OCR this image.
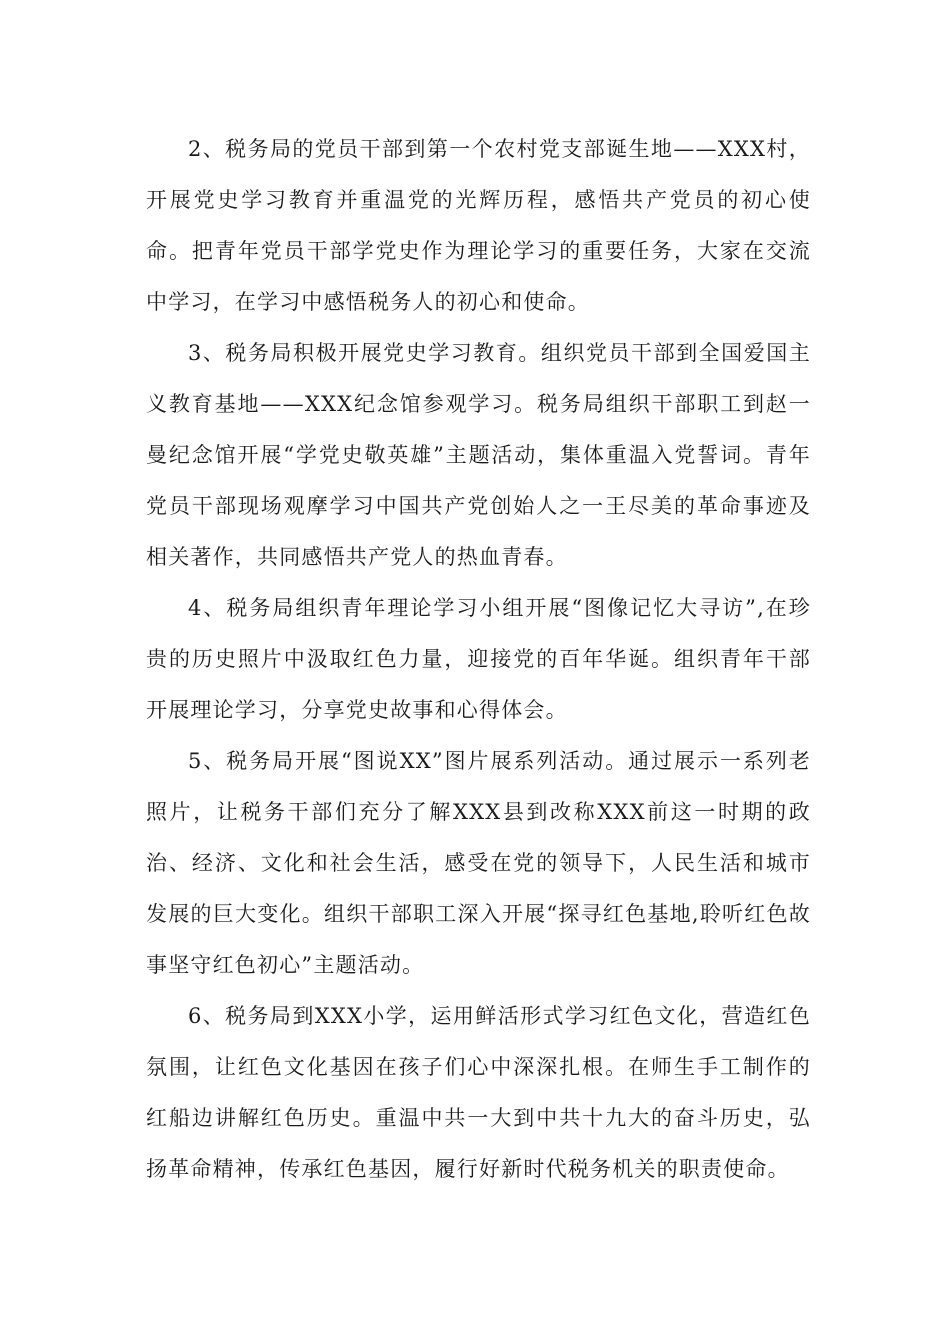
2、税务局的党员干部到第一个农村党支部诞生地——XXX村，开展党史学习教育并重温党的光辉历程，感悟共产党员的初心使命。把青年党员干部学党史作为理论学习的重要任务，大家在交流中学习，在学习中感悟税务人的初心和使命。

3、税务局积极开展党史学习教育。组织党员干部到全国爱国主义教育基地——XXX纪念馆参观学习。税务局组织干部职工到赵一曼纪念馆开展“学党史敬英雄”主题活动，集体重温入党誓词。青年党员干部现场观摩学习中国共产党创始人之一王尽美的革命事迹及相关著作，共同感悟共产党人的热血青春。

4、税务局组织青年理论学习小组开展“图像记忆大寻访”,在珍贵的历史照片中汲取红色力量，迎接党的百年华诞。组织青年干部开展理论学习，分享党史故事和心得体会。

5、税务局开展“图说XX”图片展系列活动。通过展示一系列老照片，让税务干部们充分了解XXX县到改称XXX前这一时期的政治、经济、文化和社会生活，感受在党的领导下，人民生活和城市发展的巨大变化。组织干部职工深入开展“探寻红色基地,聆听红色故事坚守红色初心”主题活动。

6、税务局到XXX小学，运用鲜活形式学习红色文化，营造红色氛围，让红色文化基因在孩子们心中深深扎根。在师生手工制作的红船边讲解红色历史。重温中共一大到中共十九大的奋斗历史，弘扬革命精神，传承红色基因，履行好新时代税务机关的职责使命。
